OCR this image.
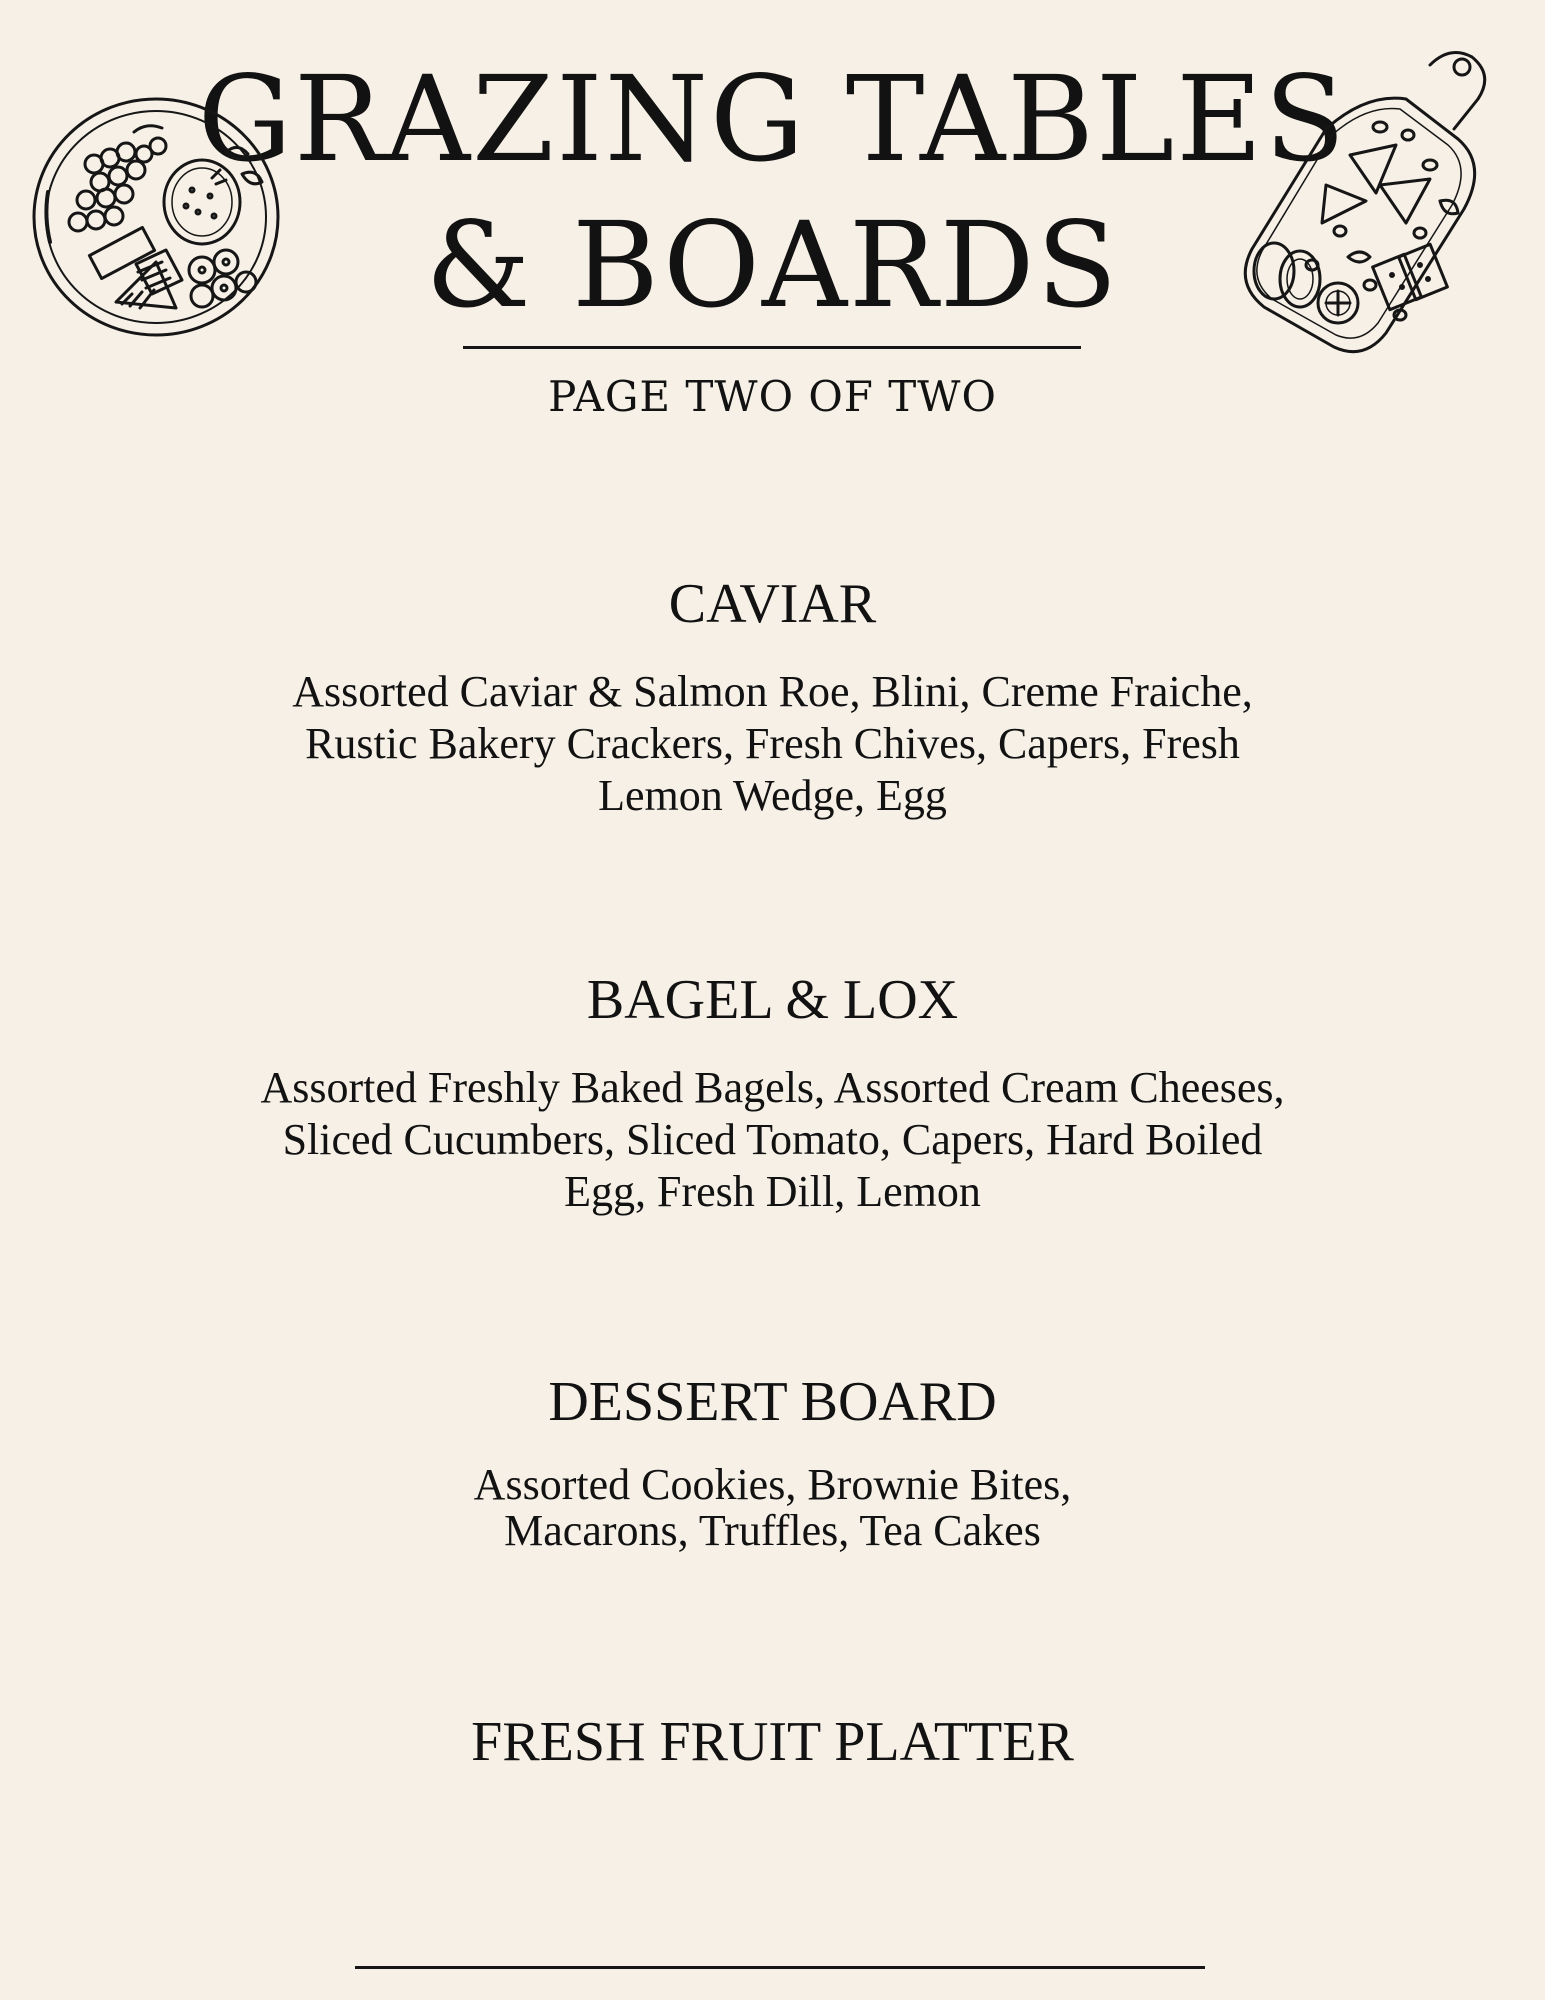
GRAZING TABLES
& BOARDS
PAGE TWO OF TWO
CAVIAR
Assorted Caviar & Salmon Roe, Blini, Creme Fraiche, Rustic Bakery Crackers, Fresh Chives, Capers, Fresh Lemon Wedge, Egg
BAGEL & LOX
Assorted Freshly Baked Bagels, Assorted Cream Cheeses, Sliced Cucumbers, Sliced Tomato, Capers, Hard Boiled Egg, Fresh Dill, Lemon
DESSERT BOARD
Assorted Cookies, Brownie Bites, Macarons, Truffles, Tea Cakes
FRESH FRUIT PLATTER
